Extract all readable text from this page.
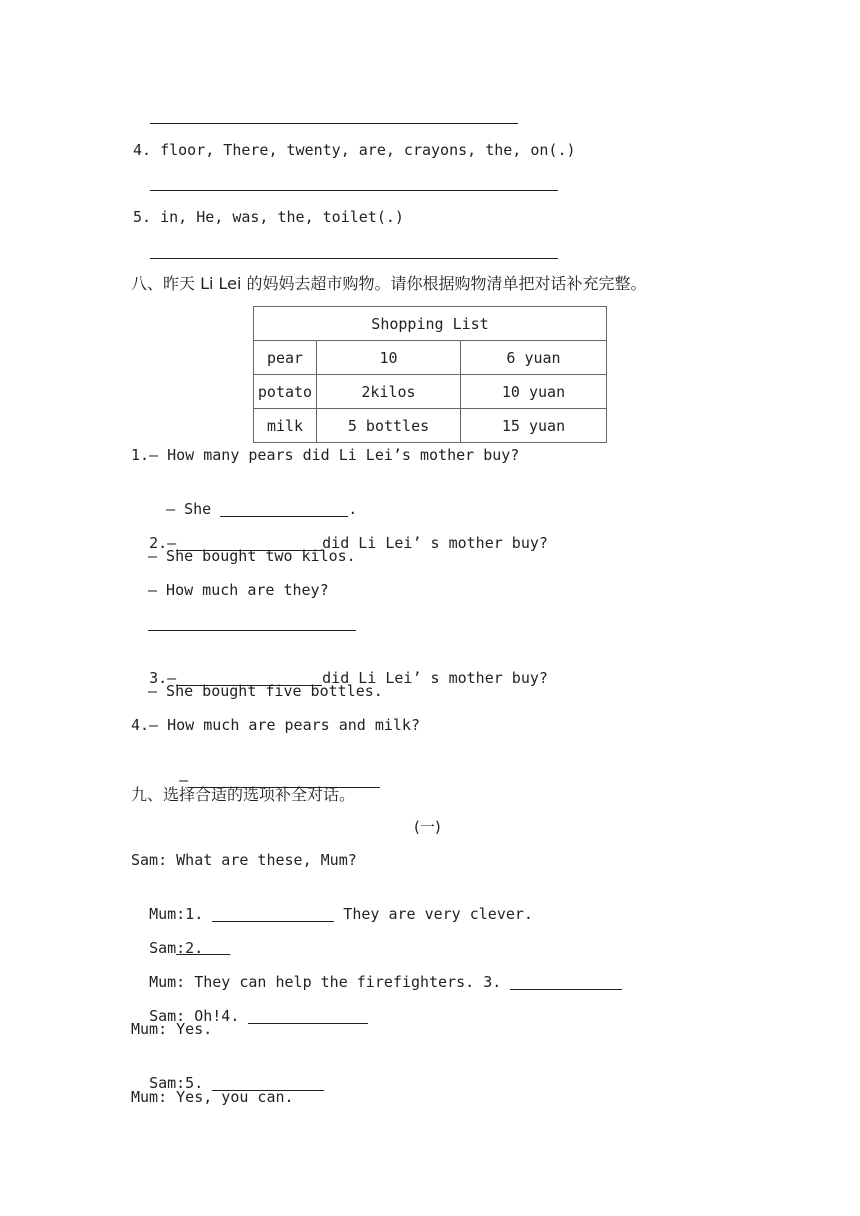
4. floor, There, twenty, are, crayons, the, on(.)
5. in, He, was, the, toilet(.)
八、昨天 Li Lei 的妈妈去超市购物。请你根据购物清单把对话补充完整。
Shopping List		
pear	10	6 yuan
potato	2kilos	10 yuan
milk	5 bottles	15 yuan
1.— How many pears did Li Lei’s mother buy?

— She	.

2.—	did Li Lei’ s mother buy?

— She bought two kilos.
— How much are they?

3.—	did Li Lei’ s mother buy?

— She bought five bottles.
4.— How much are pears and milk?

—

九、选择合适的选项补全对话。
(一)
Sam: What are these, Mum?

Mum:1.	They are very clever.

Sam:2.

Mum: They can help the firefighters. 3.

Sam: Oh!4.

Mum: Yes.

Sam:5.

Mum: Yes, you can.
